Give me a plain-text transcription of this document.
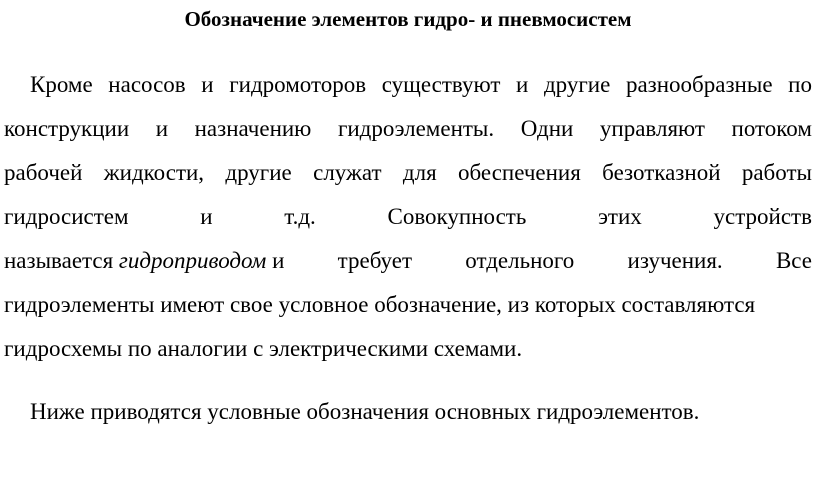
Обозначение элементов гидро- и пневмосистем
Кроме насосов и гидромоторов существуют и другие разнообразные по
конструкции и назначению гидроэлементы. Одни управляют потоком
рабочей жидкости, другие служат для обеспечения безотказной работы
гидросистем	и	т.д.	Совокупность	этих	устройств
называется гидроприводом и требует отдельного изучения. Все
гидроэлементы имеют свое условное обозначение, из которых составляются
гидросхемы по аналогии с электрическими схемами.
Ниже приводятся условные обозначения основных гидроэлементов.
